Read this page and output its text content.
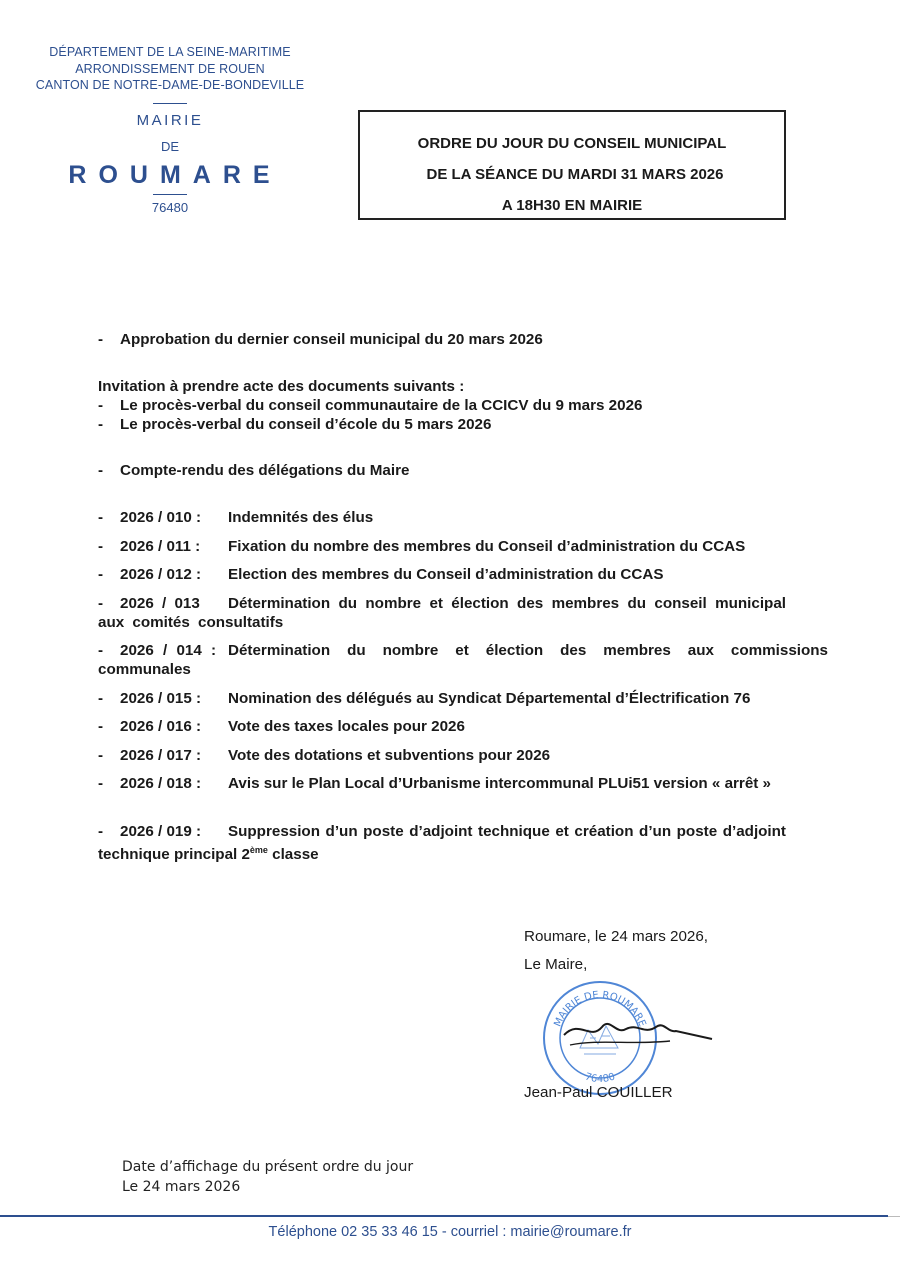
DÉPARTEMENT DE LA SEINE-MARITIME
ARRONDISSEMENT DE ROUEN
CANTON DE NOTRE-DAME-DE-BONDEVILLE
MAIRIE
DE
ROUMARE
76480
ORDRE DU JOUR DU CONSEIL MUNICIPAL
DE LA SÉANCE DU MARDI 31 MARS 2026
A 18H30 EN MAIRIE
- Approbation du dernier conseil municipal du 20 mars 2026
Invitation à prendre acte des documents suivants :
- Le procès-verbal du conseil communautaire de la CCICV du 9 mars 2026
- Le procès-verbal du conseil d’école du 5 mars 2026
- Compte-rendu des délégations du Maire
- 2026 / 010 : Indemnités des élus
- 2026 / 011 : Fixation du nombre des membres du Conseil d’administration du CCAS
- 2026 / 012 : Election des membres du Conseil d’administration du CCAS
- 2026 / 013 Détermination du nombre et élection des membres du conseil municipal aux comités consultatifs
- 2026 / 014 : Détermination du nombre et élection des membres aux commissions communales
- 2026 / 015 : Nomination des délégués au Syndicat Départemental d’Électrification 76
- 2026 / 016 : Vote des taxes locales pour 2026
- 2026 / 017 : Vote des dotations et subventions pour 2026
- 2026 / 018 : Avis sur le Plan Local d’Urbanisme intercommunal PLUi51 version « arrêt »
- 2026 / 019 : Suppression d’un poste d’adjoint technique et création d’un poste d’adjoint technique principal 2ème classe
Roumare, le 24 mars 2026,
Le Maire,
MAIRIE DE ROUMARE
76480
Jean-Paul COUILLER
Date d’affichage du présent ordre du jour
Le 24 mars 2026
Téléphone 02 35 33 46 15 - courriel : mairie@roumare.fr
